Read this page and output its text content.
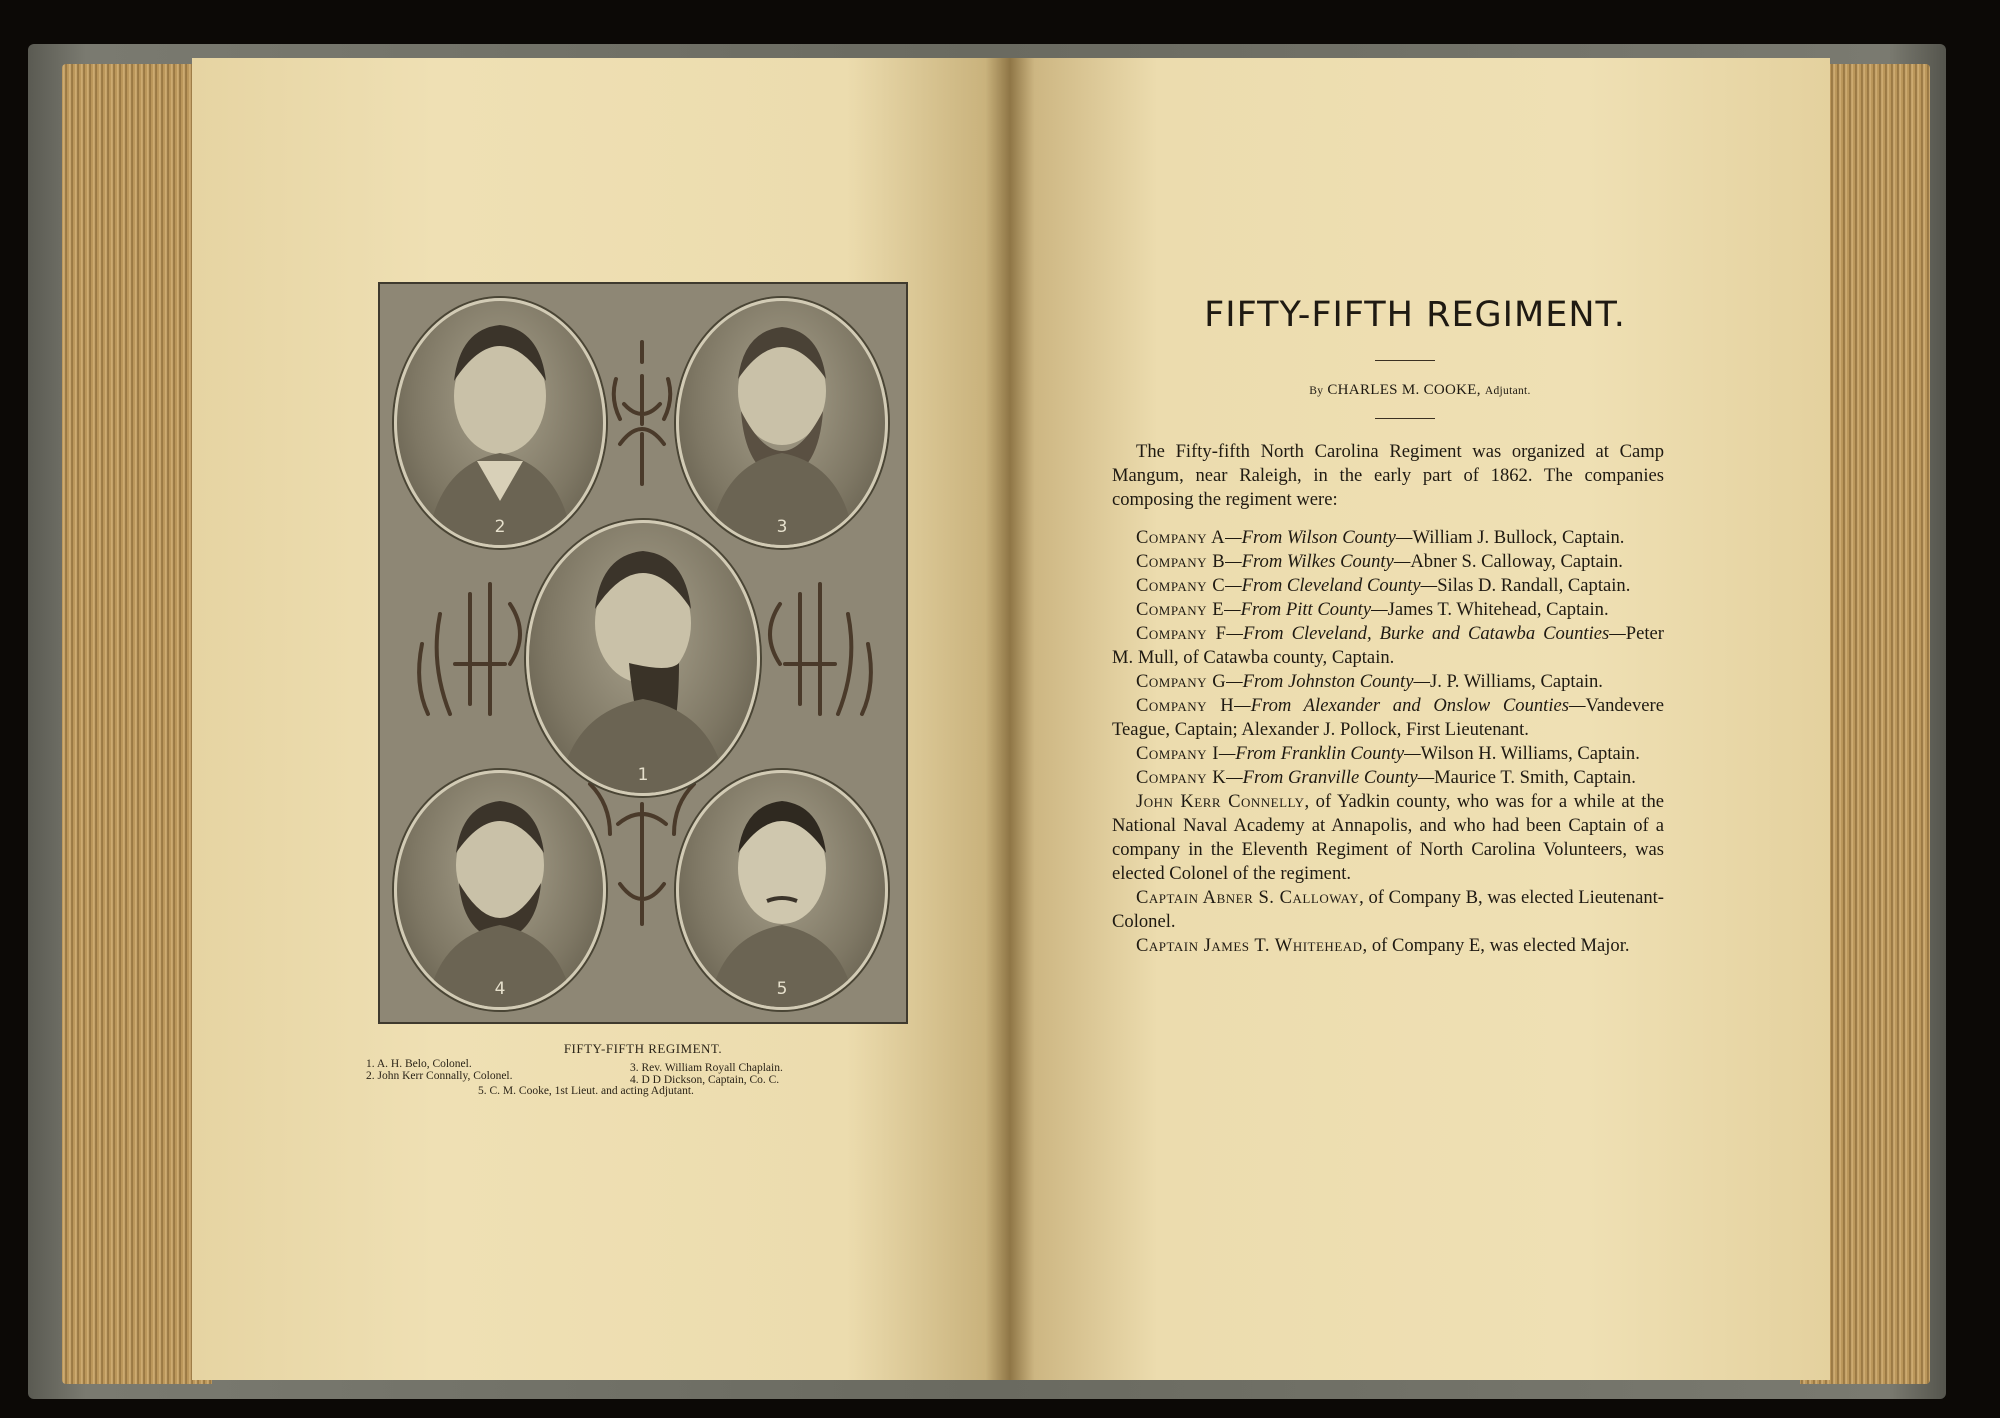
2	3
1
4	5
FIFTY-FIFTH REGIMENT.
1. A. H. Belo, Colonel.
2. John Kerr Connally, Colonel.
3. Rev. William Royall Chaplain.
4. D D Dickson, Captain, Co. C.
5. C. M. Cooke, 1st Lieut. and acting Adjutant.
FIFTY-FIFTH REGIMENT.
By CHARLES M. COOKE, Adjutant.

The Fifty-fifth North Carolina Regiment was organized at Camp Mangum, near Raleigh, in the early part of 1862. The companies composing the regiment were:

Company A—From Wilson County—William J. Bullock, Captain.

Company B—From Wilkes County—Abner S. Calloway, Captain.

Company C—From Cleveland County—Silas D. Randall, Captain.

Company E—From Pitt County—James T. Whitehead, Captain.

Company F—From Cleveland, Burke and Catawba Counties—Peter M. Mull, of Catawba county, Captain.

Company G—From Johnston County—J. P. Williams, Captain.

Company H—From Alexander and Onslow Counties—Vandevere Teague, Captain; Alexander J. Pollock, First Lieutenant.

Company I—From Franklin County—Wilson H. Williams, Captain.

Company K—From Granville County—Maurice T. Smith, Captain.

John Kerr Connelly, of Yadkin county, who was for a while at the National Naval Academy at Annapolis, and who had been Captain of a company in the Eleventh Regiment of North Carolina Volunteers, was elected Colonel of the regiment.

Captain Abner S. Calloway, of Company B, was elected Lieutenant-Colonel.

Captain James T. Whitehead, of Company E, was elected Major.
